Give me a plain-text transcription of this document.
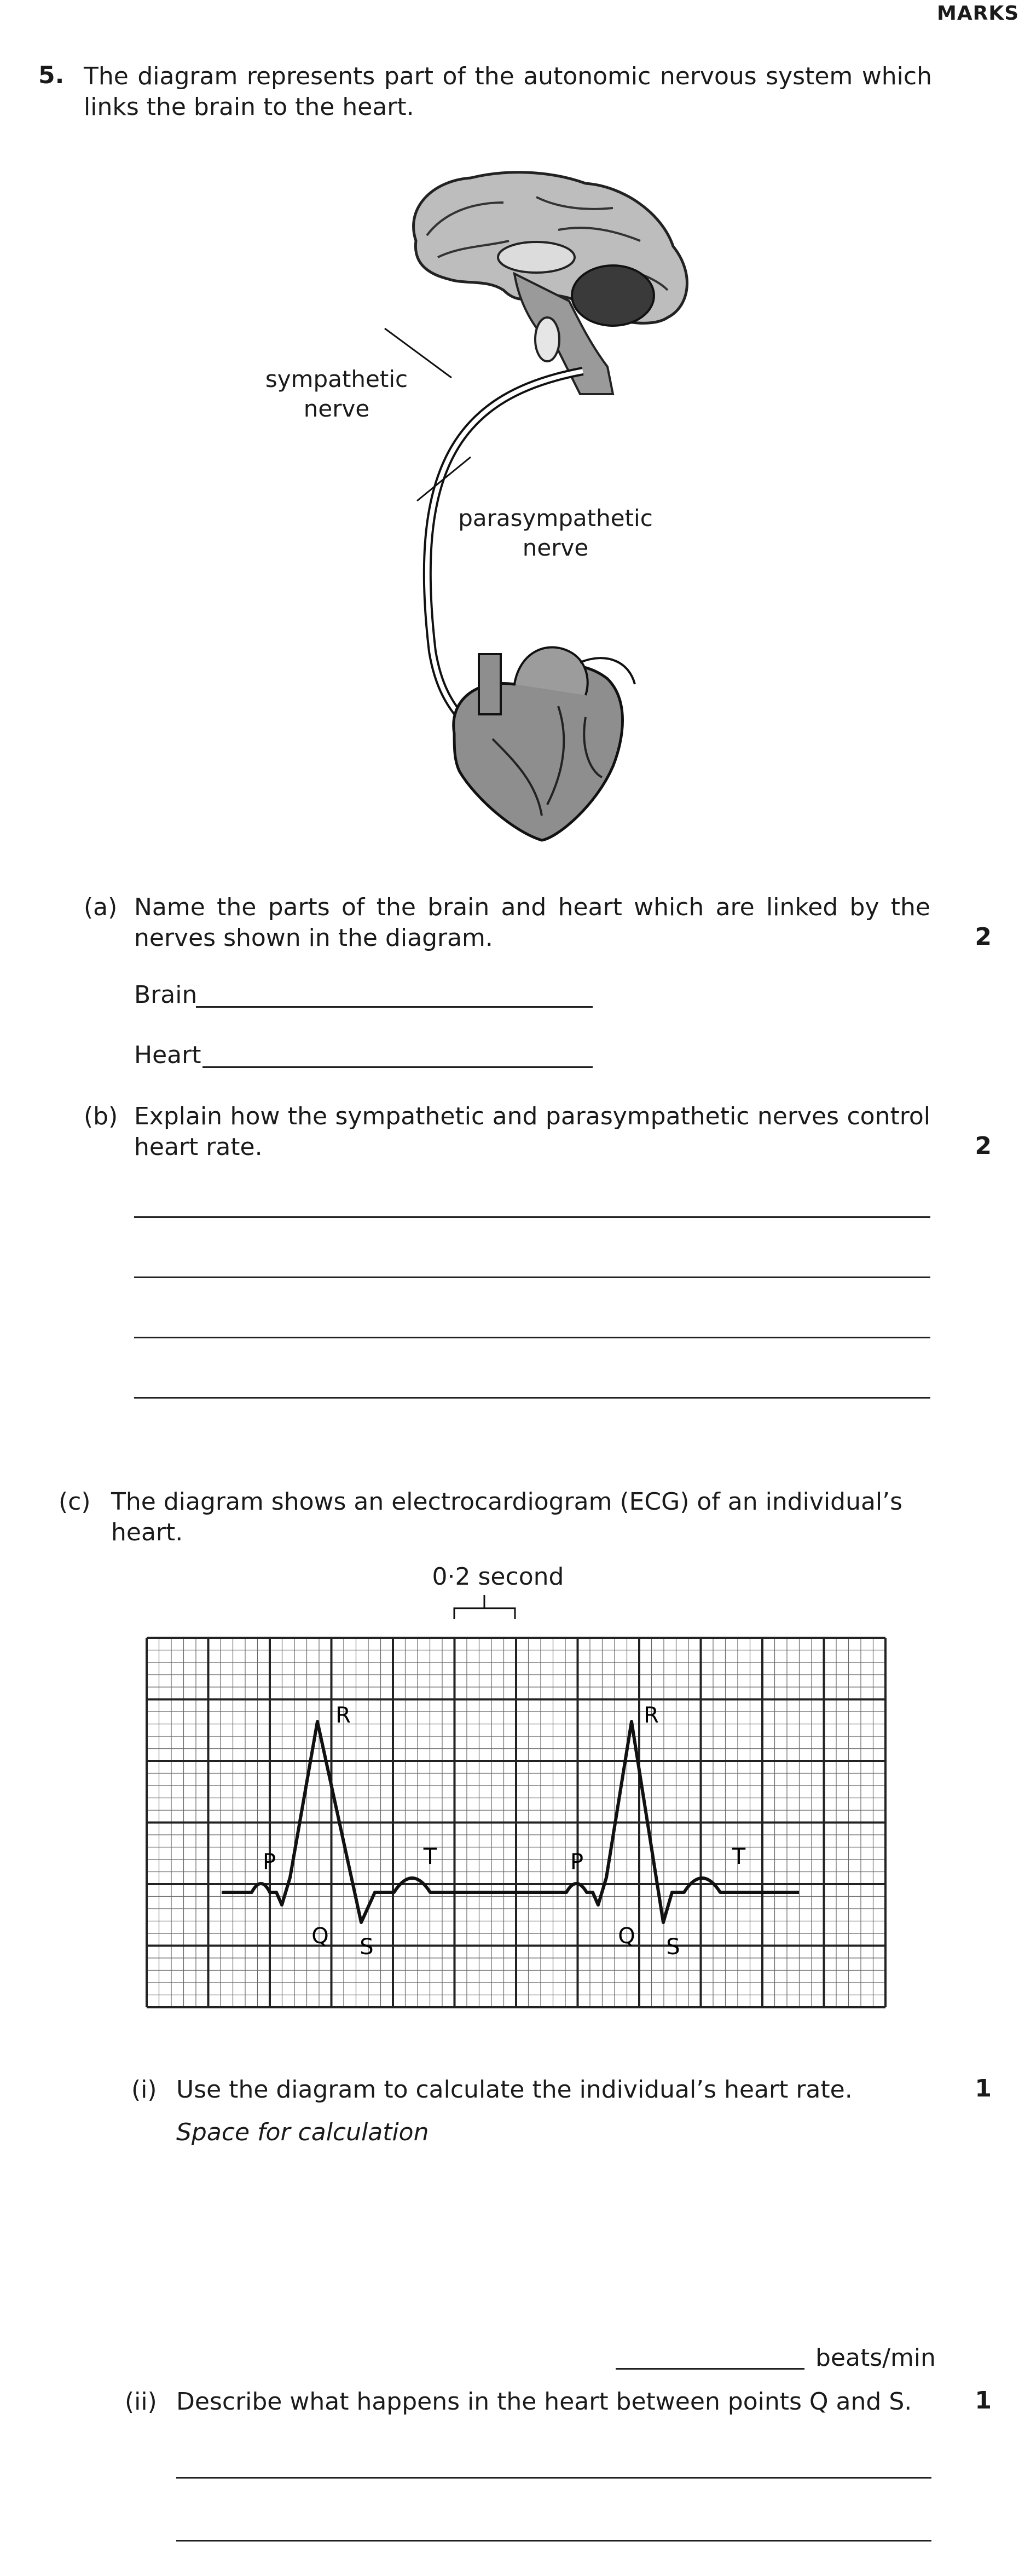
MARKS
5. The diagram represents part of the autonomic nervous system which links the brain to the heart.
sympathetic
nerve
parasympathetic
nerve
(a) Name the parts of the brain and heart which are linked by the nerves shown in the diagram.	2
Brain
Heart
(b) Explain how the sympathetic and parasympathetic nerves control heart rate.	2
(c) The diagram shows an electrocardiogram (ECG) of an individual’s heart.
0·2 second
P
R
Q S
T	P
R
Q S
T
(i) Use the diagram to calculate the individual’s heart rate.	1
Space for calculation
beats/min
(ii) Describe what happens in the heart between points Q and S.	1
